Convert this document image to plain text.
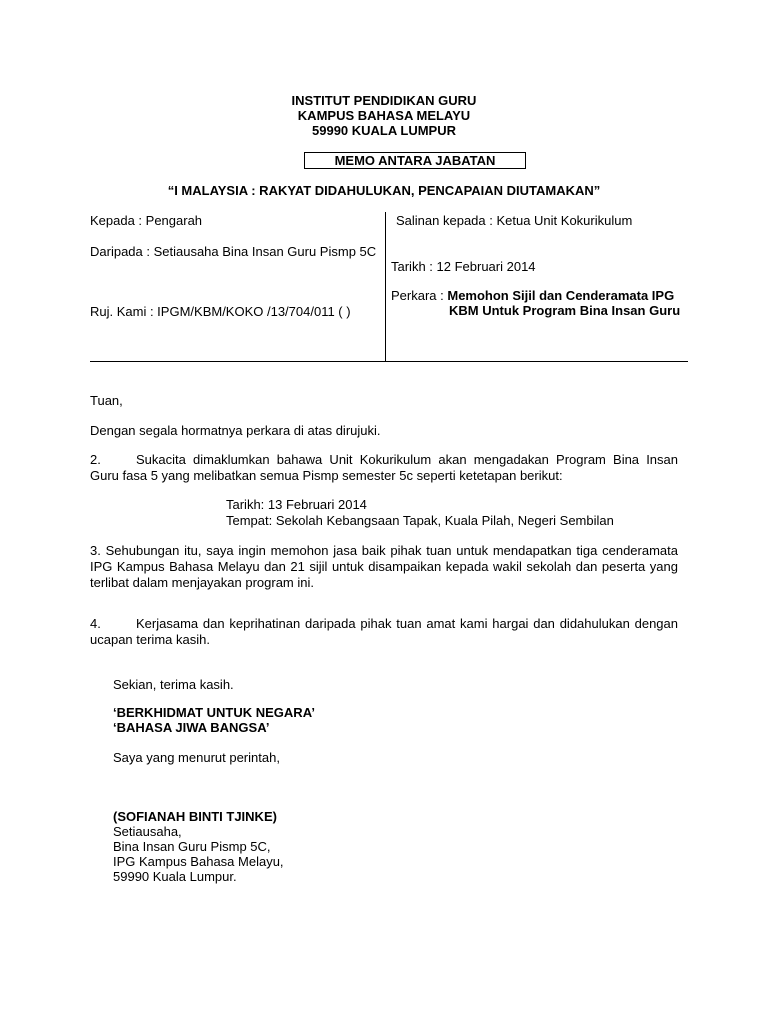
INSTITUT PENDIDIKAN GURU
KAMPUS BAHASA MELAYU
59990 KUALA LUMPUR
MEMO ANTARA JABATAN
“I MALAYSIA : RAKYAT DIDAHULUKAN, PENCAPAIAN DIUTAMAKAN”
Kepada : Pengarah
Daripada : Setiausaha Bina Insan Guru Pismp 5C
Ruj. Kami : IPGM/KBM/KOKO /13/704/011 ( )
Salinan kepada : Ketua Unit Kokurikulum
Tarikh : 12 Februari 2014
Perkara : Memohon Sijil dan Cenderamata IPG
KBM Untuk Program Bina Insan Guru
Tuan,
Dengan segala hormatnya perkara di atas dirujuki.
2.	Sukacita dimaklumkan bahawa Unit Kokurikulum akan mengadakan Program Bina Insan Guru fasa 5 yang melibatkan semua Pismp semester 5c seperti ketetapan berikut:
Tarikh: 13 Februari 2014
Tempat: Sekolah Kebangsaan Tapak, Kuala Pilah, Negeri Sembilan
3. Sehubungan itu, saya ingin memohon jasa baik pihak tuan untuk mendapatkan tiga cenderamata IPG Kampus Bahasa Melayu dan 21 sijil untuk disampaikan kepada wakil sekolah dan peserta yang terlibat dalam menjayakan program ini.
4.	Kerjasama dan keprihatinan daripada pihak tuan amat kami hargai dan didahulukan dengan ucapan terima kasih.
Sekian, terima kasih.
‘BERKHIDMAT UNTUK NEGARA’
‘BAHASA JIWA BANGSA’
Saya yang menurut perintah,
(SOFIANAH BINTI TJINKE)
Setiausaha,
Bina Insan Guru Pismp 5C,
IPG Kampus Bahasa Melayu,
59990 Kuala Lumpur.
